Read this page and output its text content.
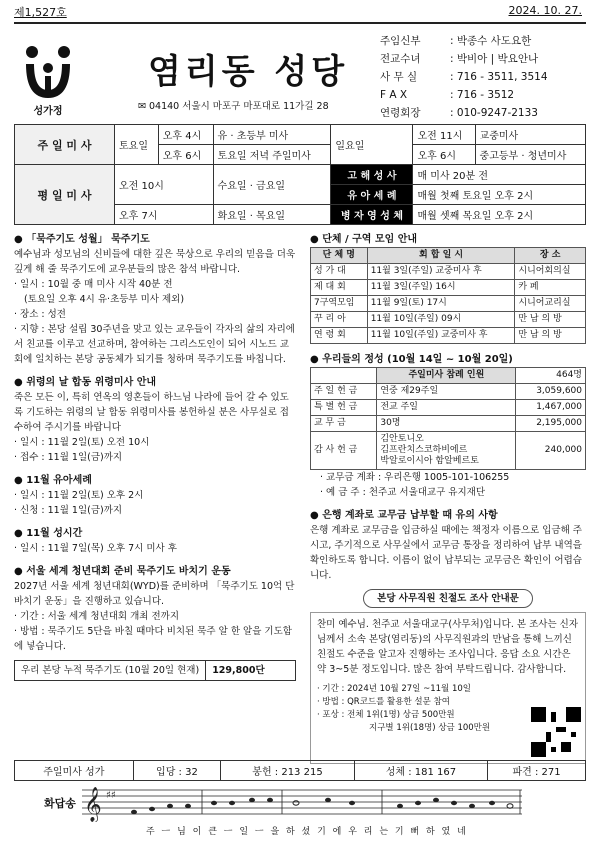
제1,527호	2024. 10. 27.
성가정
염리동 성당
✉ 04140 서울시 마포구 마포대로 11가길 28
주임신부	: 박종수 사도요한
전교수녀	: 박비아 | 박요안나
사 무 실	: 716 - 3511, 3514
F A X	: 716 - 3512
연령회장	: 010-9247-2133
주 일 미 사	토요일	오후 4시	유 · 초등부 미사	일요일	오전 11시	교중미사
		오후 6시	토요일 저녁 주일미사		오후 6시	중고등부 · 청년미사
평 일 미 사	오전 10시		수요일 · 금요일	고 해 성 사	매 미사 20분 전	
				유 아 세 례	매월 첫째 토요일 오후 2시	
	오후 7시		화요일 · 목요일	병 자 영 성 체	매월 셋째 목요일 오후 2시	
● 「묵주기도 성월」 묵주기도

예수님과 성모님의 신비들에 대한 깊은 묵상으로 우리의 믿음을 더욱 깊게 해 줄 묵주기도에 교우분들의 많은 참석 바랍니다.

· 일시 : 10월 중 매 미사 시작 40분 전

(토요일 오후 4시 유·초등부 미사 제외)

· 장소 : 성전

· 지향 : 본당 설립 30주년을 맞고 있는 교우들이 각자의 삶의 자리에서 친교를 이루고 선교하며, 참여하는 그리스도인이 되어 시노드 교회에 일치하는 본당 공동체가 되기를 청하며 묵주기도를 바칩니다.

● 위령의 날 합동 위령미사 안내

죽은 모든 이, 특히 연옥의 영혼들이 하느님 나라에 들어 갈 수 있도록 기도하는 위령의 날 합동 위령미사를 봉헌하실 분은 사무실로 접수하여 주시기를 바랍니다

· 일시 : 11월 2일(토) 오전 10시

· 접수 : 11월 1일(금)까지

● 11월 유아세례

· 일시 : 11월 2일(토) 오후 2시

· 신청 : 11월 1일(금)까지

● 11월 성시간

· 일시 : 11월 7일(목) 오후 7시 미사 후

● 서울 세계 청년대회 준비 묵주기도 바치기 운동

2027년 서울 세계 청년대회(WYD)를 준비하며 「묵주기도 10억 단 바치기 운동」을 진행하고 있습니다.

· 기간 : 서울 세계 청년대회 개최 전까지

· 방법 : 묵주기도 5단을 바칠 때마다 비치된 묵주 알 한 알을 기도함에 넣습니다.

우리 본당 누적 묵주기도 (10월 20일 현재)	129,800단
● 단체 / 구역 모임 안내
단 체 명	회 합 일 시	장 소
성 가 대	11월 3일(주일) 교중미사 후	시니어회의실
제 대 회	11월 3일(주일) 16시	카 페
7구역모임	11월 9일(토) 17시	시니어교리실
꾸 리 아	11월 10일(주일) 09시	만 남 의 방
연 령 회	11월 10일(주일) 교중미사 후	만 남 의 방
● 우리들의 정성 (10월 14일 ~ 10월 20일)
	주일미사 참례 인원	464명
주 일 헌 금	연중 제29주일	3,059,600
특 별 헌 금	전교 주일	1,467,000
교 무 금	30명	2,195,000
감 사 헌 금	김안토니오
김프란치스코하비에르
박알로이시아 함알베르토	240,000

· 교무금 계좌 : 우리은행 1005-101-106255

· 예 금 주 : 천주교 서울대교구 유지재단

● 은행 계좌로 교무금 납부할 때 유의 사항

은행 계좌로 교무금을 입금하실 때에는 책정자 이름으로 입금해 주시고, 주기적으로 사무실에서 교무금 통장을 정리하여 납부 내역을 확인하도록 합니다. 이름이 없이 납부되는 교무금은 확인이 어렵습니다.

본당 사무직원 친절도 조사 안내문

찬미 예수님. 천주교 서울대교구(사무처)입니다. 본 조사는 신자님께서 소속 본당(염리동)의 사무직원과의 만남을 통해 느끼신 친절도 수준을 알고자 진행하는 조사입니다. 응답 소요 시간은 약 3~5분 정도입니다. 많은 참여 부탁드립니다. 감사합니다.

· 기간 : 2024년 10월 27일 ~11월 10일

· 방법 : QR코드를 활용한 설문 참여

· 포상 : 전체 1위(1명) 상금 500만원

지구별 1위(18명) 상금 100만원

주일미사 성가	입당 : 32	봉헌 : 213 215	성체 : 181 167	파견 : 271
화답송 𝄞 ♯♯
주 ㅡ 님 이 큰 ㅡ 일 ㅡ 을 하 셨 기 에 우 리 는 기 뻐 하 였 네
